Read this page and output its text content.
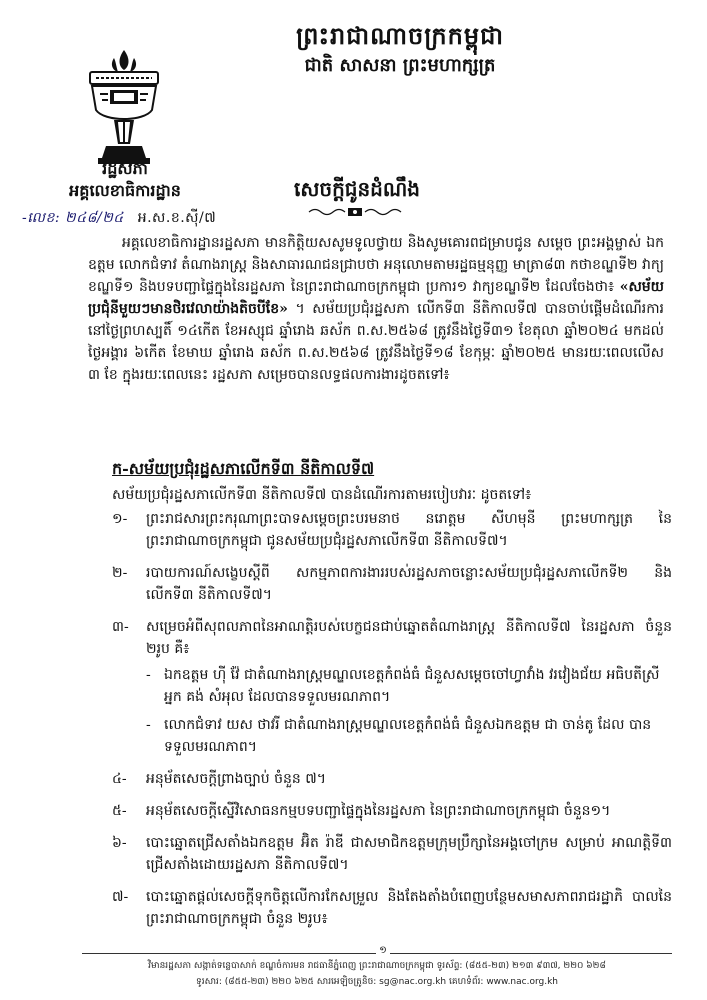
ព្រះរាជាណាចក្រកម្ពុជា
ជាតិ សាសនា ព្រះមហាក្សត្រ
រដ្ឋសភា
អគ្គលេខាធិការដ្ឋាន
-លេខ: ២៤៨/២៤ អ.ស.ខ.ស៊ី/៧
សេចក្តីជូនដំណឹង

អគ្គលេខាធិការដ្ឋានរដ្ឋសភា មានកិត្តិយសសូមទូលថ្វាយ និងសូមគោរពជម្រាបជូន សម្តេច ព្រះអង្គម្ចាស់ ឯកឧត្តម លោកជំទាវ តំណាងរាស្ត្រ និងសាធារណជនជ្រាបថា អនុលោមតាមរដ្ឋធម្មនុញ្ញ មាត្រា៨៣ កថាខណ្ឌទី២ វាក្យខណ្ឌទី១ និងបទបញ្ជាផ្ទៃក្នុងនៃរដ្ឋសភា នៃព្រះរាជាណាចក្រកម្ពុជា ប្រការ១ វាក្យខណ្ឌទី២ ដែលចែងថា៖ «សម័យប្រជុំនីមួយៗមានថិរវេលាយ៉ាងតិចបីខែ» ។ សម័យប្រជុំរដ្ឋសភា លើកទី៣ នីតិកាលទី៧ បានចាប់ផ្តើមដំណើរការនៅថ្ងៃព្រហស្បតិ៍ ១៤កើត ខែអស្សុជ ឆ្នាំរោង ឆស័ក ព.ស.២៥៦៨ ត្រូវនឹងថ្ងៃទី៣១ ខែតុលា ឆ្នាំ២០២៤ មកដល់ថ្ងៃអង្គារ ៦កើត ខែមាឃ ឆ្នាំរោង ឆស័ក ព.ស.២៥៦៨ ត្រូវនឹងថ្ងៃទី១៨ ខែកុម្ភៈ ឆ្នាំ២០២៥ មានរយៈពេលលើស ៣ ខែ ក្នុងរយៈពេលនេះ រដ្ឋសភា សម្រេចបានលទ្ធផលការងារដូចតទៅ៖

ក-សម័យប្រជុំរដ្ឋសភាលើកទី៣ នីតិកាលទី៧
សម័យប្រជុំរដ្ឋសភាលើកទី៣ នីតិកាលទី៧ បានដំណើរការតាមរបៀបវារៈ ដូចតទៅ៖
១-	ព្រះរាជសារព្រះករុណាព្រះបាទសម្តេចព្រះបរមនាថ នរោត្តម សីហមុនី ព្រះមហាក្សត្រ នៃ ព្រះរាជាណាចក្រកម្ពុជា ជូនសម័យប្រជុំរដ្ឋសភាលើកទី៣ នីតិកាលទី៧។
២-	របាយការណ៍សង្ខេបស្តីពី សកម្មភាពការងាររបស់រដ្ឋសភាចន្លោះសម័យប្រជុំរដ្ឋសភាលើកទី២ និងលើកទី៣ នីតិកាលទី៧។
៣-	សម្រេចអំពីសុពលភាពនៃអាណត្តិរបស់បេក្ខជនជាប់ឆ្នោតតំណាងរាស្ត្រ នីតិកាលទី៧ នៃរដ្ឋសភា ចំនួន ២រូប គឺ៖
- ឯកឧត្តម ហ៊ី វ៉ែ ជាតំណាងរាស្ត្រមណ្ឌលខេត្តកំពង់ធំ ជំនួសសម្តេចចៅហ្វាវាំង វរវៀងជ័យ អធិបតីស្រីអ្នក គង់ សំអុល ដែលបានទទួលមរណភាព។
- លោកជំទាវ យស ថាវរី ជាតំណាងរាស្ត្រមណ្ឌលខេត្តកំពង់ធំ ជំនួសឯកឧត្តម ជា ចាន់តូ ដែល បានទទួលមរណភាព។
៤-	អនុម័តសេចក្តីព្រាងច្បាប់ ចំនួន ៧។
៥-	អនុម័តសេចក្តីស្នើវិសោធនកម្មបទបញ្ជាផ្ទៃក្នុងនៃរដ្ឋសភា នៃព្រះរាជាណាចក្រកម្ពុជា ចំនួន១។
៦-	បោះឆ្នោតជ្រើសតាំងឯកឧត្តម អ៊ិត រ៉ាឌី ជាសមាជិកឧត្តមក្រុមប្រឹក្សានៃអង្គចៅក្រម សម្រាប់ អាណត្តិទី៣ ជ្រើសតាំងដោយរដ្ឋសភា នីតិកាលទី៧។
៧-	បោះឆ្នោតផ្តល់សេចក្តីទុកចិត្តលើការកែសម្រួល និងតែងតាំងបំពេញបន្ថែមសមាសភាពរាជរដ្ឋាភិ បាលនៃព្រះរាជាណាចក្រកម្ពុជា ចំនួន ២រូប៖
១
វិមានរដ្ឋសភា សង្កាត់ទន្លេបាសាក់ ខណ្ឌចំការមន រាជធានីភ្នំពេញ ព្រះរាជាណាចក្រកម្ពុជា ទូរស័ព្ទ: (៨៥៥-២៣) ២១៣ ៩៣៧, ២២០ ៦២៨
ទូរសារ: (៨៥៥-២៣) ២២០ ៦២៥ សារអេឡិចត្រូនិច: sg@nac.org.kh គេហទំព័រ: www.nac.org.kh
